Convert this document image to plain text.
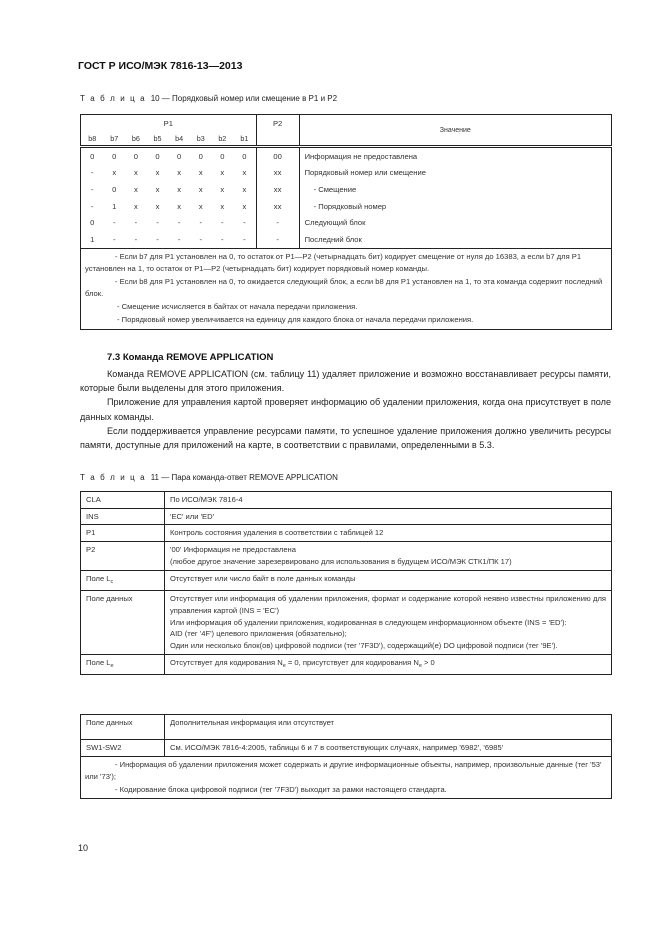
ГОСТ Р ИСО/МЭК 7816-13—2013
Т а б л и ц а 10 — Порядковый номер или смещение в P1 и P2
P1								P2	Значение
b8	b7	b6	b5	b4	b3	b2	b1		
0	0	0	0	0	0	0	0	00	Информация не предоставлена
-	x	x	x	x	x	x	x	xx	Порядковый номер или смещение
-	0	x	x	x	x	x	x	xx	- Смещение
-	1	x	x	x	x	x	x	xx	- Порядковый номер
0	-	-	-	-	-	-	-	-	Следующий блок
1	-	-	-	-	-	-	-	-	Последний блок

- Если b7 для P1 установлен на 0, то остаток от P1—P2 (четырнадцать бит) кодирует смещение от нуля до 16383, а если b7 для P1 установлен на 1, то остаток от P1—P2 (четырнадцать бит) кодирует порядковый номер команды.
- Если b8 для P1 установлен на 0, то ожидается следующий блок, а если b8 для P1 установлен на 1, то эта команда содержит последний блок.
- Смещение исчисляется в байтах от начала передачи приложения.
- Порядковый номер увеличивается на единицу для каждого блока от начала передачи приложения.									
7.3 Команда REMOVE APPLICATION

Команда REMOVE APPLICATION (см. таблицу 11) удаляет приложение и возможно восстанавливает ресурсы памяти, которые были выделены для этого приложения.

Приложение для управления картой проверяет информацию об удалении приложения, когда она присутствует в поле данных команды.

Если поддерживается управление ресурсами памяти, то успешное удаление приложения должно увеличить ресурсы памяти, доступные для приложений на карте, в соответствии с правилами, определенными в 5.3.

Т а б л и ц а 11 — Пара команда-ответ REMOVE APPLICATION
CLA	По ИСО/МЭК 7816-4
INS	'EC' или 'ED'
P1	Контроль состояния удаления в соответствии с таблицей 12
P2	'00' Информация не предоставлена
(любое другое значение зарезервировано для использования в будущем ИСО/МЭК СТК1/ПК 17)

Поле $L_c$	Отсутствует или число байт в поле данных команды
Поле данных	Отсутствует или информация об удалении приложения, формат и содержание которой неявно известны приложению для управления картой (INS = 'EC')
Или информация об удалении приложения, кодированная в следующем информационном объекте (INS = 'ED'):
AID (тег '4F') целевого приложения (обязательно);
Один или несколько блок(ов) цифровой подписи (тег '7F3D'), содержащий(е) DO цифровой подписи (тег '9E').

Поле $L_e$	Отсутствует для кодирования $N_e = 0$, присутствует для кодирования $N_e > 0$
Поле данных	Дополнительная информация или отсутствует
SW1-SW2	См. ИСО/МЭК 7816-4:2005, таблицы 6 и 7 в соответствующих случаях, например '6982', '6985'

- Информация об удалении приложения может содержать и другие информационные объекты, например, произвольные данные (тег '53' или '73');
- Кодирование блока цифровой подписи (тег '7F3D') выходит за рамки настоящего стандарта.	
10
